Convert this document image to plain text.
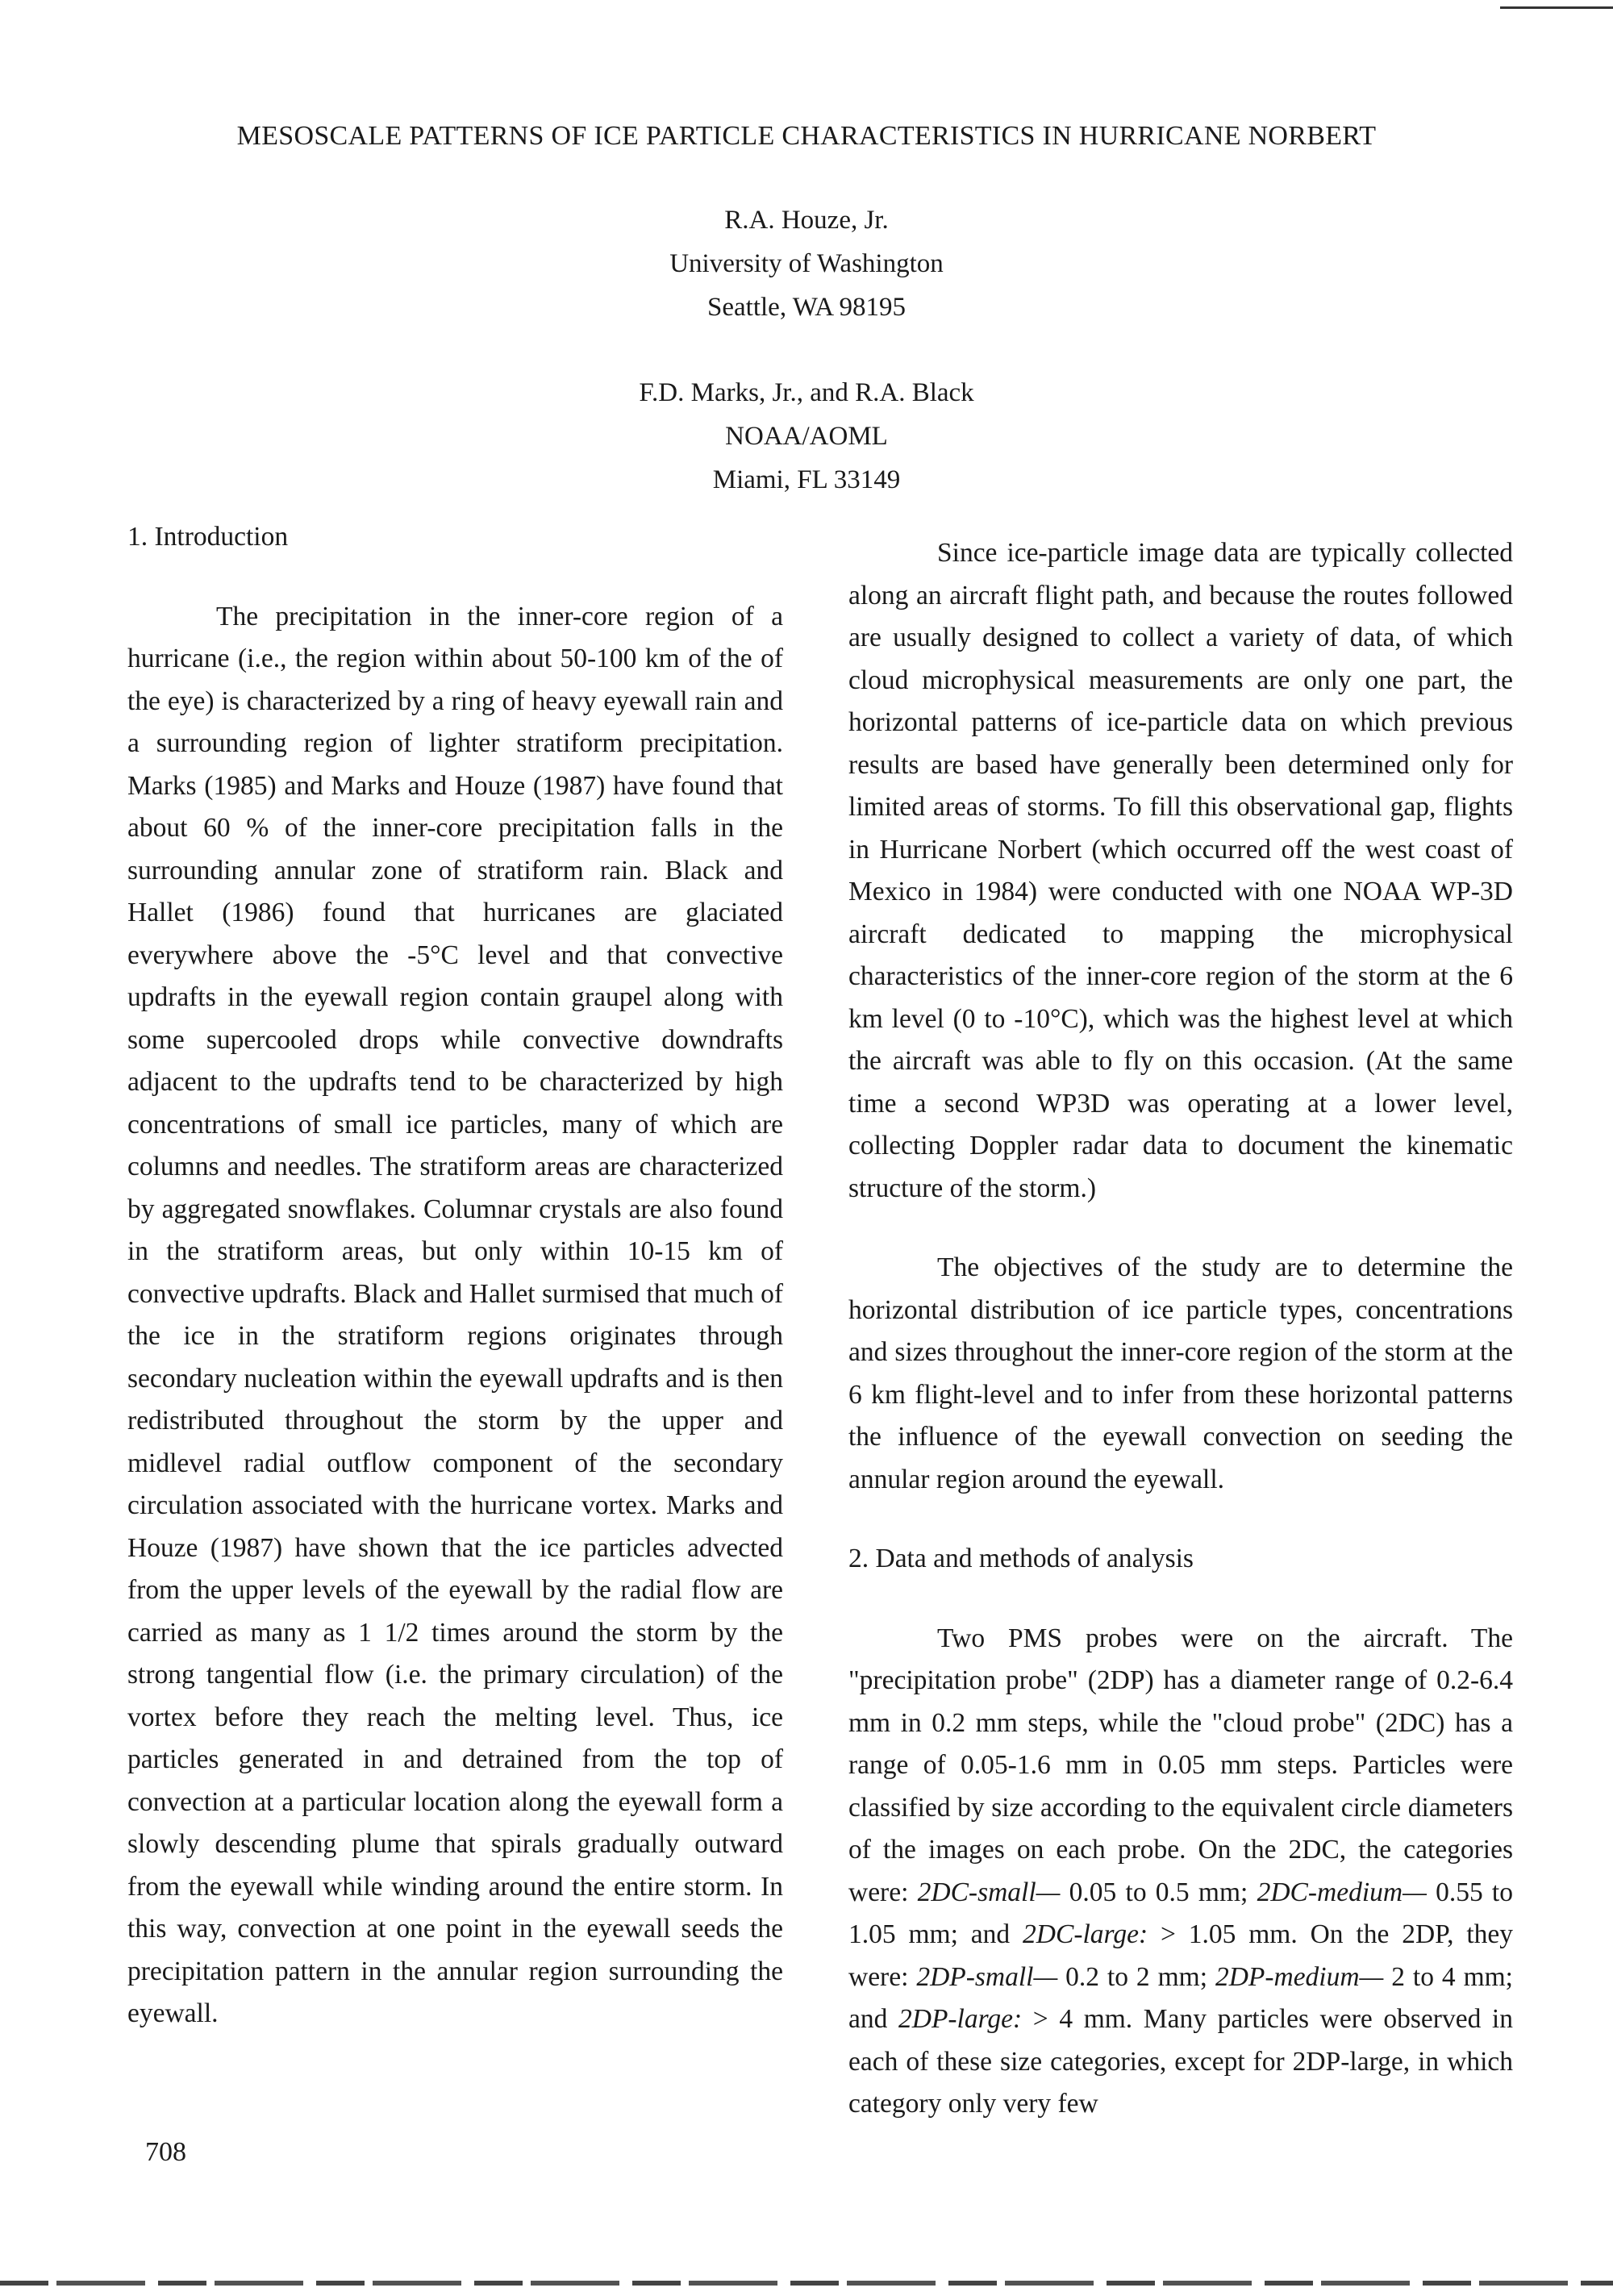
MESOSCALE PATTERNS OF ICE PARTICLE CHARACTERISTICS IN HURRICANE NORBERT
R.A. Houze, Jr.
University of Washington
Seattle, WA 98195
F.D. Marks, Jr., and R.A. Black
NOAA/AOML
Miami, FL 33149

1. Introduction

The precipitation in the inner-core region of a hurricane (i.e., the region within about 50-100 km of the of the eye) is characterized by a ring of heavy eyewall rain and a surrounding region of lighter stratiform precipitation. Marks (1985) and Marks and Houze (1987) have found that about 60 % of the inner-core precipitation falls in the surrounding annular zone of stratiform rain. Black and Hallet (1986) found that hurricanes are glaciated everywhere above the -5°C level and that convective updrafts in the eyewall region contain graupel along with some supercooled drops while convective downdrafts adjacent to the updrafts tend to be characterized by high concentrations of small ice particles, many of which are columns and needles. The stratiform areas are characterized by aggregated snowflakes. Columnar crystals are also found in the stratiform areas, but only within 10-15 km of convective updrafts. Black and Hallet surmised that much of the ice in the stratiform regions originates through secondary nucleation within the eyewall updrafts and is then redistributed throughout the storm by the upper and midlevel radial outflow component of the secondary circulation associated with the hurricane vortex. Marks and Houze (1987) have shown that the ice particles advected from the upper levels of the eyewall by the radial flow are carried as many as 1 1/2 times around the storm by the strong tangential flow (i.e. the primary circulation) of the vortex before they reach the melting level. Thus, ice particles generated in and detrained from the top of convection at a particular location along the eyewall form a slowly descending plume that spirals gradually outward from the eyewall while winding around the entire storm. In this way, convection at one point in the eyewall seeds the precipitation pattern in the annular region surrounding the eyewall.

Since ice-particle image data are typically collected along an aircraft flight path, and because the routes followed are usually designed to collect a variety of data, of which cloud microphysical measurements are only one part, the horizontal patterns of ice-particle data on which previous results are based have generally been determined only for limited areas of storms. To fill this observational gap, flights in Hurricane Norbert (which occurred off the west coast of Mexico in 1984) were conducted with one NOAA WP-3D aircraft dedicated to mapping the microphysical characteristics of the inner-core region of the storm at the 6 km level (0 to -10°C), which was the highest level at which the aircraft was able to fly on this occasion. (At the same time a second WP3D was operating at a lower level, collecting Doppler radar data to document the kinematic structure of the storm.)

The objectives of the study are to determine the horizontal distribution of ice particle types, concentrations and sizes throughout the inner-core region of the storm at the 6 km flight-level and to infer from these horizontal patterns the influence of the eyewall convection on seeding the annular region around the eyewall.

2. Data and methods of analysis

Two PMS probes were on the aircraft. The "precipitation probe" (2DP) has a diameter range of 0.2-6.4 mm in 0.2 mm steps, while the "cloud probe" (2DC) has a range of 0.05-1.6 mm in 0.05 mm steps. Particles were classified by size according to the equivalent circle diameters of the images on each probe. On the 2DC, the categories were: 2DC-small— 0.05 to 0.5 mm; 2DC-medium— 0.55 to 1.05 mm; and 2DC-large: > 1.05 mm. On the 2DP, they were: 2DP-small— 0.2 to 2 mm; 2DP-medium— 2 to 4 mm; and 2DP-large: > 4 mm. Many particles were observed in each of these size categories, except for 2DP-large, in which category only very few

708
